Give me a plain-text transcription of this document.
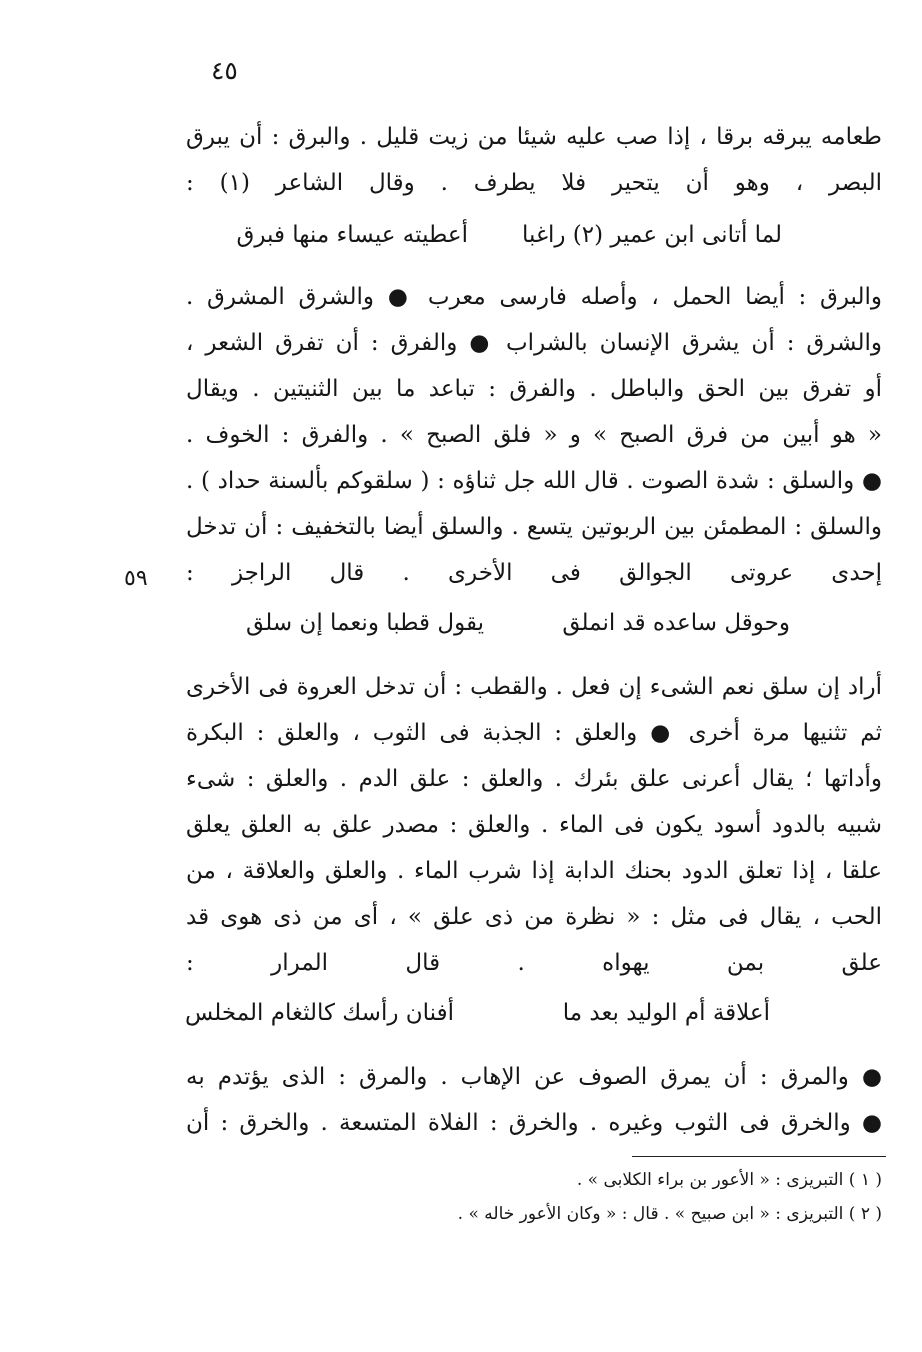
٤٥
٥٩
طعامه يبرقه برقا ، إذا صب عليه شيئا من زيت قليل . والبرق : أن يبرق
البصر ، وهو أن يتحير فلا يطرف . وقال الشاعر (١) :
لما أتانى ابن عمير (٢) راغبا
أعطيته عيساء منها فبرق
والبرق : أيضا الحمل ، وأصله فارسى معرب ● والشرق المشرق .
والشرق : أن يشرق الإنسان بالشراب ● والفرق : أن تفرق الشعر ،
أو تفرق بين الحق والباطل . والفرق : تباعد ما بين الثنيتين . ويقال
« هو أبين من فرق الصبح » و « فلق الصبح » . والفرق : الخوف .
● والسلق : شدة الصوت . قال الله جل ثناؤه : ( سلقوكم بألسنة حداد ) .
والسلق : المطمئن بين الربوتين يتسع . والسلق أيضا بالتخفيف : أن تدخل
إحدى عروتى الجوالق فى الأخرى . قال الراجز :
وحوقل ساعده قد انملق
يقول قطبا ونعما إن سلق
أراد إن سلق نعم الشىء إن فعل . والقطب : أن تدخل العروة فى الأخرى
ثم تثنيها مرة أخرى ● والعلق : الجذبة فى الثوب ، والعلق : البكرة
وأداتها ؛ يقال أعرنى علق بئرك . والعلق : علق الدم . والعلق : شىء
شبيه بالدود أسود يكون فى الماء . والعلق : مصدر علق به العلق يعلق
علقا ، إذا تعلق الدود بحنك الدابة إذا شرب الماء . والعلق والعلاقة ، من
الحب ، يقال فى مثل : « نظرة من ذى علق » ، أى من ذى هوى قد
علق بمن يهواه . قال المرار :
أعلاقة أم الوليد بعد ما
أفنان رأسك كالثغام المخلس
● والمرق : أن يمرق الصوف عن الإهاب . والمرق : الذى يؤتدم به
● والخرق فى الثوب وغيره . والخرق : الفلاة المتسعة . والخرق : أن
( ١ ) التبريزى : « الأعور بن براء الكلابى » .
( ٢ ) التبريزى : « ابن صبيح » . قال : « وكان الأعور خاله » .
